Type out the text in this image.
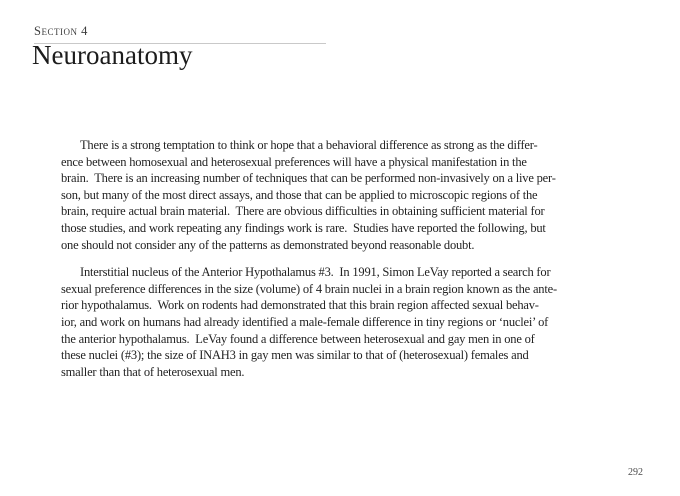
Section 4
Neuroanatomy
There is a strong temptation to think or hope that a behavioral difference as strong as the differ-
ence between homosexual and heterosexual preferences will have a physical manifestation in the
brain.  There is an increasing number of techniques that can be performed non-invasively on a live per-
son, but many of the most direct assays, and those that can be applied to microscopic regions of the
brain, require actual brain material.  There are obvious difficulties in obtaining sufficient material for
those studies, and work repeating any findings work is rare.  Studies have reported the following, but
one should not consider any of the patterns as demonstrated beyond reasonable doubt.
Interstitial nucleus of the Anterior Hypothalamus #3.  In 1991, Simon LeVay reported a search for
sexual preference differences in the size (volume) of 4 brain nuclei in a brain region known as the ante-
rior hypothalamus.  Work on rodents had demonstrated that this brain region affected sexual behav-
ior, and work on humans had already identified a male-female difference in tiny regions or ‘nuclei’ of
the anterior hypothalamus.  LeVay found a difference between heterosexual and gay men in one of
these nuclei (#3); the size of INAH3 in gay men was similar to that of (heterosexual) females and
smaller than that of heterosexual men.
292
